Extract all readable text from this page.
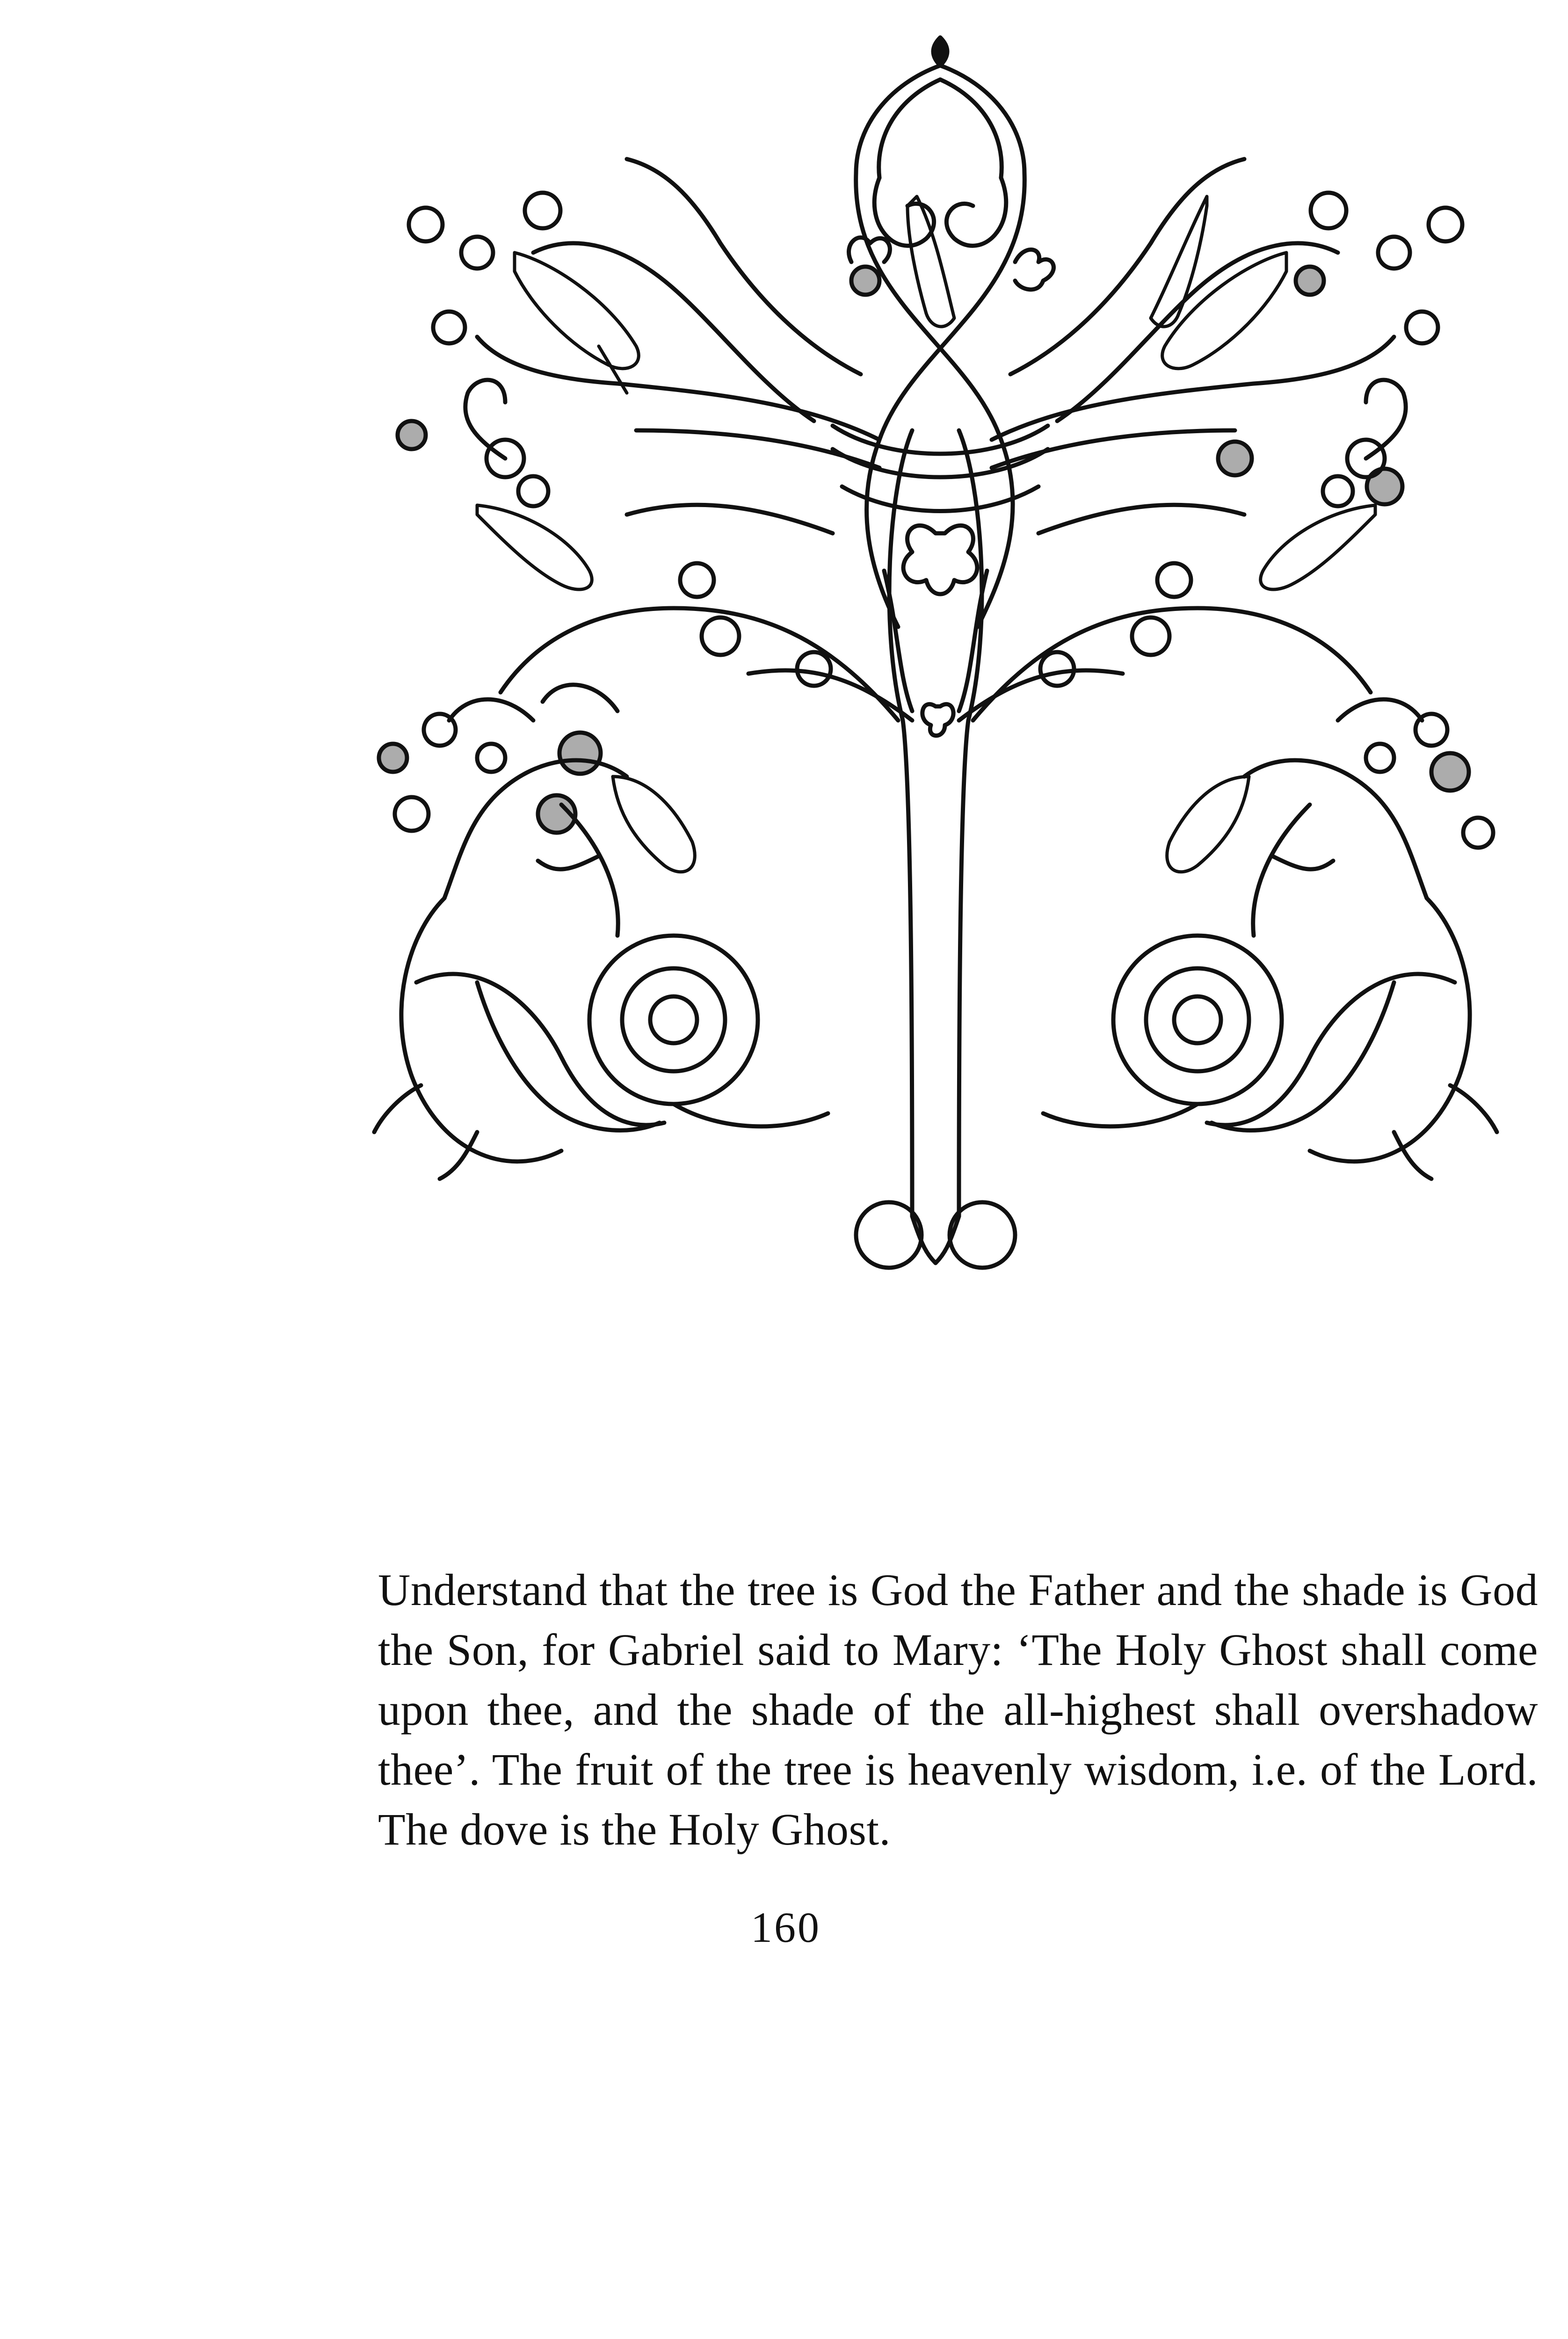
Understand that the tree is God the Father and the shade is God the Son, for Gabriel said to Mary: ‘The Holy Ghost shall come upon thee, and the shade of the all-highest shall overshadow thee’. The fruit of the tree is heavenly wisdom, i.e. of the Lord. The dove is the Holy Ghost.

160
